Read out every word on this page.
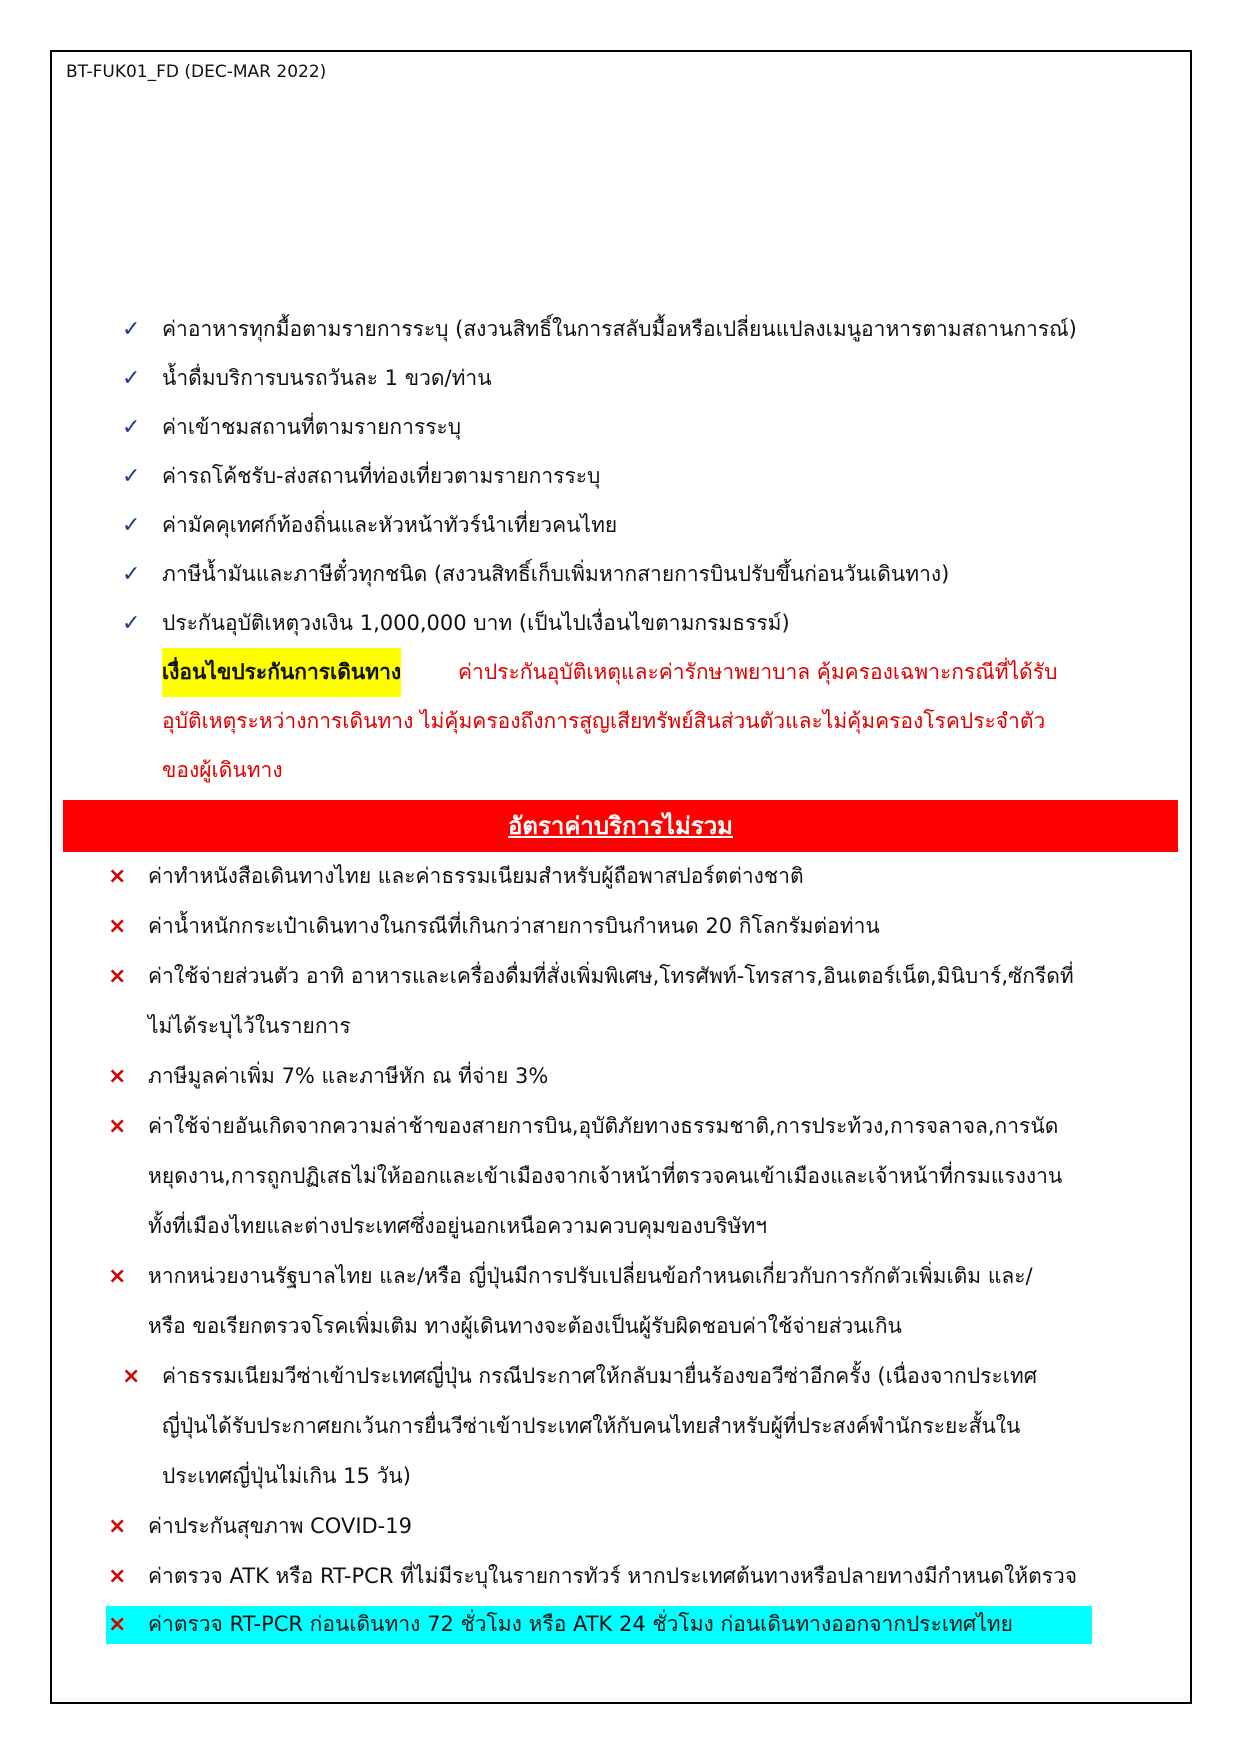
BT-FUK01_FD (DEC-MAR 2022)
✓ ค่าอาหารทุกมื้อตามรายการระบุ (สงวนสิทธิ์ในการสลับมื้อหรือเปลี่ยนแปลงเมนูอาหารตามสถานการณ์)
✓ น้ำดื่มบริการบนรถวันละ 1 ขวด/ท่าน
✓ ค่าเข้าชมสถานที่ตามรายการระบุ
✓ ค่ารถโค้ชรับ-ส่งสถานที่ท่องเที่ยวตามรายการระบุ
✓ ค่ามัคคุเทศก์ท้องถิ่นและหัวหน้าทัวร์นำเที่ยวคนไทย
✓ ภาษีน้ำมันและภาษีตั๋วทุกชนิด (สงวนสิทธิ์เก็บเพิ่มหากสายการบินปรับขึ้นก่อนวันเดินทาง)
✓ ประกันอุบัติเหตุวงเงิน 1,000,000 บาท (เป็นไปเงื่อนไขตามกรมธรรม์)
เงื่อนไขประกันการเดินทาง	ค่าประกันอุบัติเหตุและค่ารักษาพยาบาล คุ้มครองเฉพาะกรณีที่ได้รับ
อุบัติเหตุระหว่างการเดินทาง ไม่คุ้มครองถึงการสูญเสียทรัพย์สินส่วนตัวและไม่คุ้มครองโรคประจำตัว
ของผู้เดินทาง
อัตราค่าบริการไม่รวม
× ค่าทำหนังสือเดินทางไทย และค่าธรรมเนียมสำหรับผู้ถือพาสปอร์ตต่างชาติ
× ค่าน้ำหนักกระเป๋าเดินทางในกรณีที่เกินกว่าสายการบินกำหนด 20 กิโลกรัมต่อท่าน
× ค่าใช้จ่ายส่วนตัว อาทิ อาหารและเครื่องดื่มที่สั่งเพิ่มพิเศษ,โทรศัพท์-โทรสาร,อินเตอร์เน็ต,มินิบาร์,ซักรีดที่
ไม่ได้ระบุไว้ในรายการ
× ภาษีมูลค่าเพิ่ม 7% และภาษีหัก ณ ที่จ่าย 3%
× ค่าใช้จ่ายอันเกิดจากความล่าช้าของสายการบิน,อุบัติภัยทางธรรมชาติ,การประท้วง,การจลาจล,การนัด
หยุดงาน,การถูกปฏิเสธไม่ให้ออกและเข้าเมืองจากเจ้าหน้าที่ตรวจคนเข้าเมืองและเจ้าหน้าที่กรมแรงงาน
ทั้งที่เมืองไทยและต่างประเทศซึ่งอยู่นอกเหนือความควบคุมของบริษัทฯ
× หากหน่วยงานรัฐบาลไทย และ/หรือ ญี่ปุ่นมีการปรับเปลี่ยนข้อกำหนดเกี่ยวกับการกักตัวเพิ่มเติม และ/
หรือ ขอเรียกตรวจโรคเพิ่มเติม ทางผู้เดินทางจะต้องเป็นผู้รับผิดชอบค่าใช้จ่ายส่วนเกิน
× ค่าธรรมเนียมวีซ่าเข้าประเทศญี่ปุ่น กรณีประกาศให้กลับมายื่นร้องขอวีซ่าอีกครั้ง (เนื่องจากประเทศ
ญี่ปุ่นได้รับประกาศยกเว้นการยื่นวีซ่าเข้าประเทศให้กับคนไทยสำหรับผู้ที่ประสงค์พำนักระยะสั้นใน
ประเทศญี่ปุ่นไม่เกิน 15 วัน)
× ค่าประกันสุขภาพ COVID-19
× ค่าตรวจ ATK หรือ RT-PCR ที่ไม่มีระบุในรายการทัวร์ หากประเทศต้นทางหรือปลายทางมีกำหนดให้ตรวจ
× ค่าตรวจ RT-PCR ก่อนเดินทาง 72 ชั่วโมง หรือ ATK 24 ชั่วโมง ก่อนเดินทางออกจากประเทศไทย
